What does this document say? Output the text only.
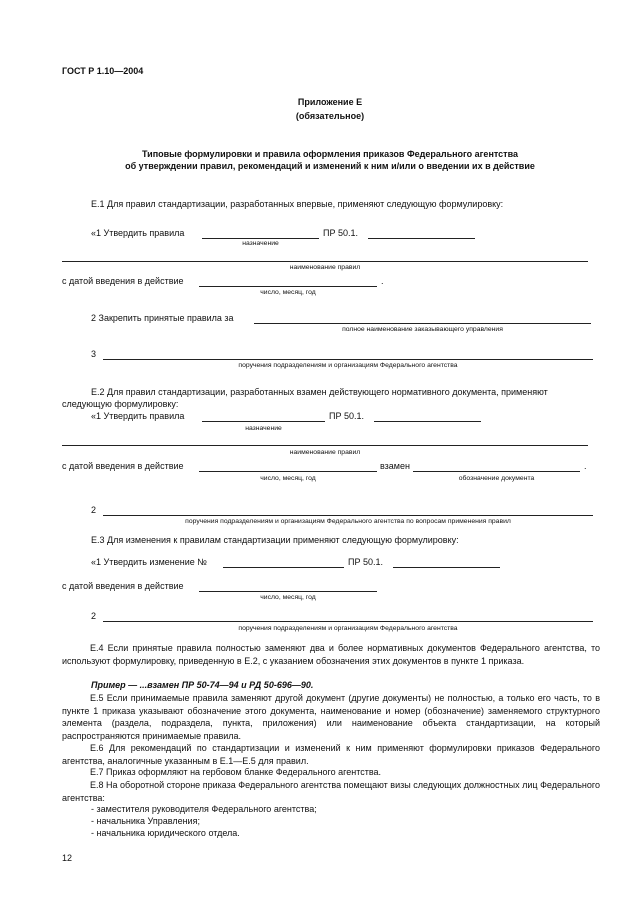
ГОСТ Р 1.10—2004
Приложение Е
(обязательное)
Типовые формулировки и правила оформления приказов Федерального агентства
об утверждении правил, рекомендаций и изменений к ним и/или о введении их в действие
Е.1 Для правил стандартизации, разработанных впервые, применяют следующую формулировку:
«1 Утвердить правила	ПР 50.1.
назначение
наименование правил
с датой введения в действие	.
число, месяц, год
2 Закрепить принятые правила за
полное наименование заказывающего управления
3
поручения подразделениям и организациям Федерального агентства
Е.2 Для правил стандартизации, разработанных взамен действующего нормативного документа, применяют
следующую формулировку:
«1 Утвердить правила	ПР 50.1.
назначение
наименование правил
с датой введения в действие	взамен	.
число, месяц, год	обозначение документа
2
поручения подразделениям и организациям Федерального агентства по вопросам применения правил
Е.3 Для изменения к правилам стандартизации применяют следующую формулировку:
«1 Утвердить изменение №	ПР 50.1.
с датой введения в действие
число, месяц, год
2
поручения подразделениям и организациям Федерального агентства
Е.4 Если принятые правила полностью заменяют два и более нормативных документов Федерального агентства, то используют формулировку, приведенную в Е.2, с указанием обозначения этих документов в пункте 1 приказа.
Пример — ...взамен ПР 50-74—94 и РД 50-696—90.
Е.5 Если принимаемые правила заменяют другой документ (другие документы) не полностью, а только его часть, то в пункте 1 приказа указывают обозначение этого документа, наименование и номер (обозначение) заменяемого структурного элемента (раздела, подраздела, пункта, приложения) или наименование объекта стандартизации, на который распространяются принимаемые правила.
Е.6 Для рекомендаций по стандартизации и изменений к ним применяют формулировки приказов Федерального агентства, аналогичные указанным в Е.1—Е.5 для правил.
Е.7 Приказ оформляют на гербовом бланке Федерального агентства.
Е.8 На оборотной стороне приказа Федерального агентства помещают визы следующих должностных лиц Федерального агентства:
- заместителя руководителя Федерального агентства;
- начальника Управления;
- начальника юридического отдела.
12
